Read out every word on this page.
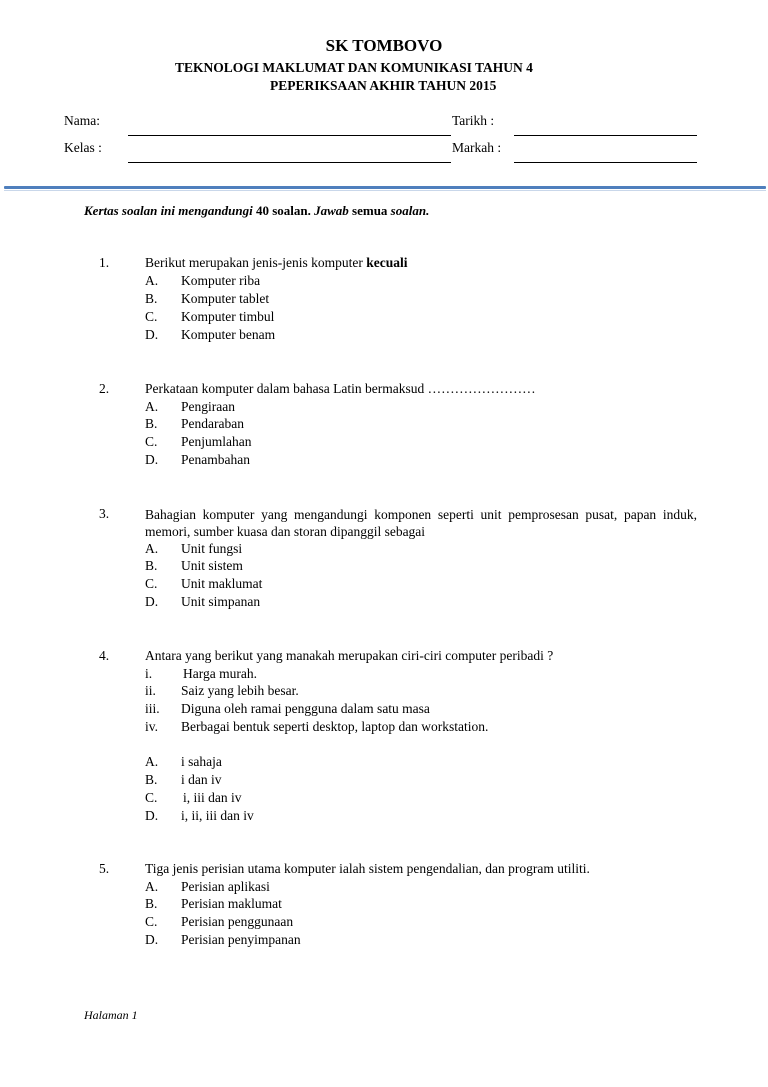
SK TOMBOVO
TEKNOLOGI MAKLUMAT DAN KOMUNIKASI TAHUN 4
PEPERIKSAAN AKHIR TAHUN 2015
Nama:	Tarikh :
Kelas :	Markah :
Kertas soalan ini mengandungi 40 soalan. Jawab semua soalan.
1.	Berikut merupakan jenis-jenis komputer kecuali
A. Komputer riba
B. Komputer tablet
C. Komputer timbul
D. Komputer benam
2.	Perkataan komputer dalam bahasa Latin bermaksud ……………………
A. Pengiraan
B. Pendaraban
C. Penjumlahan
D. Penambahan
3.	Bahagian komputer yang mengandungi komponen seperti unit pemprosesan pusat, papan induk, memori, sumber kuasa dan storan dipanggil sebagai
A. Unit fungsi
B. Unit sistem
C. Unit maklumat
D. Unit simpanan
4.	Antara yang berikut yang manakah merupakan ciri-ciri computer peribadi ?
i. Harga murah.
ii. Saiz yang lebih besar.
iii. Diguna oleh ramai pengguna dalam satu masa
iv. Berbagai bentuk seperti desktop, laptop dan workstation.
A. i sahaja
B. i dan iv
C. i, iii dan iv
D. i, ii, iii dan iv
5.	Tiga jenis perisian utama komputer ialah sistem pengendalian, dan program utiliti.
A. Perisian aplikasi
B. Perisian maklumat
C. Perisian penggunaan
D. Perisian penyimpanan
Halaman 1
